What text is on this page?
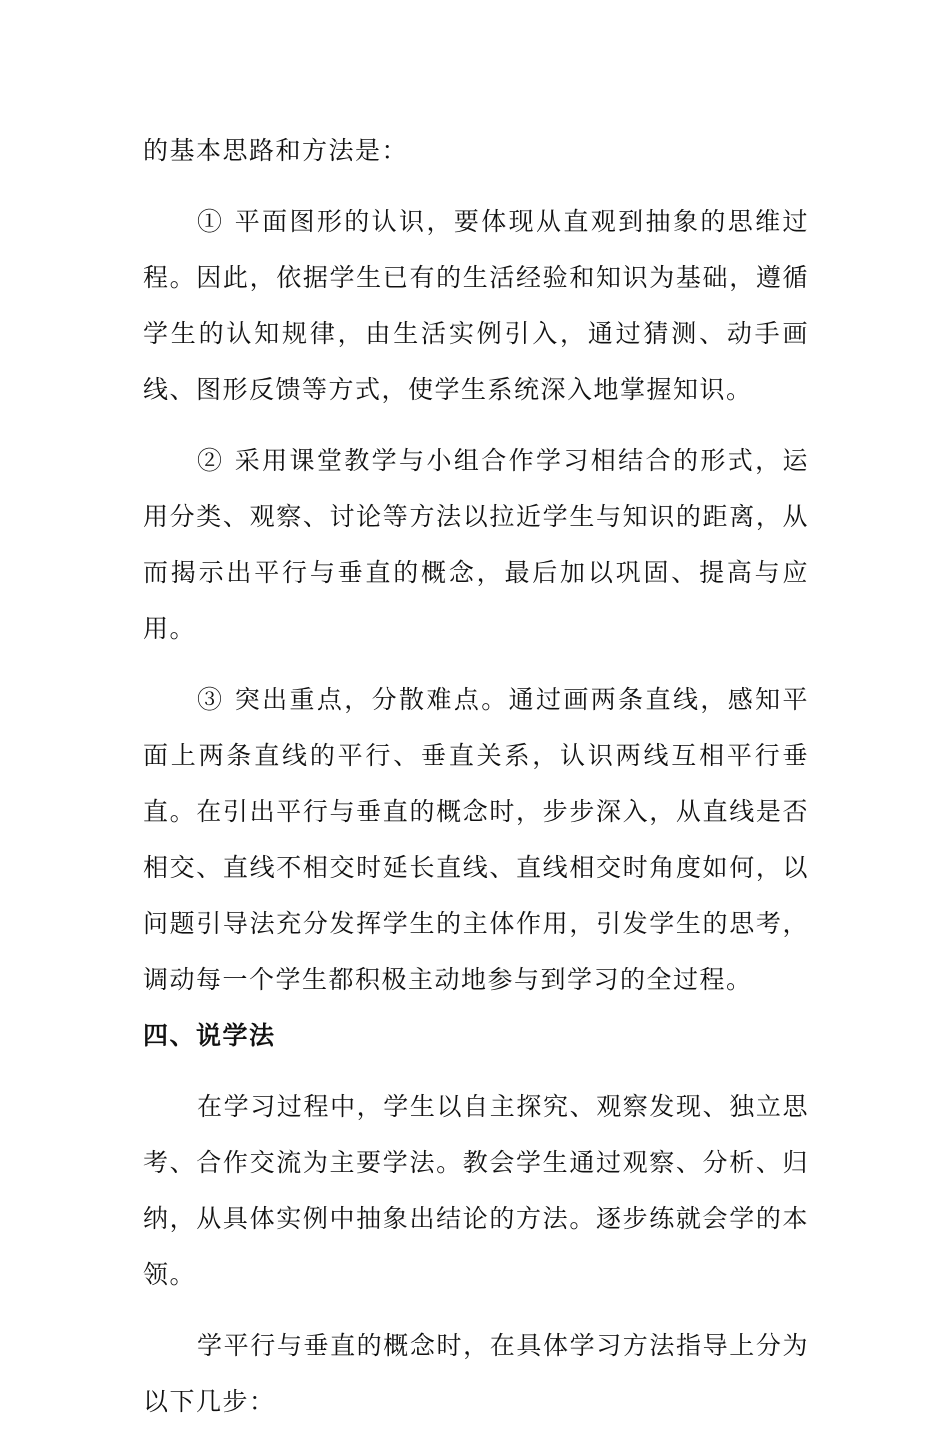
的基本思路和方法是：

① 平面图形的认识，要体现从直观到抽象的思维过程。因此，依据学生已有的生活经验和知识为基础，遵循学生的认知规律，由生活实例引入，通过猜测、动手画线、图形反馈等方式，使学生系统深入地掌握知识。

② 采用课堂教学与小组合作学习相结合的形式，运用分类、观察、讨论等方法以拉近学生与知识的距离，从而揭示出平行与垂直的概念，最后加以巩固、提高与应用。

③ 突出重点，分散难点。通过画两条直线，感知平面上两条直线的平行、垂直关系，认识两线互相平行垂直。在引出平行与垂直的概念时，步步深入，从直线是否相交、直线不相交时延长直线、直线相交时角度如何，以问题引导法充分发挥学生的主体作用，引发学生的思考，调动每一个学生都积极主动地参与到学习的全过程。

四、说学法

在学习过程中，学生以自主探究、观察发现、独立思考、合作交流为主要学法。教会学生通过观察、分析、归纳，从具体实例中抽象出结论的方法。逐步练就会学的本领。

学平行与垂直的概念时，在具体学习方法指导上分为以下几步：
